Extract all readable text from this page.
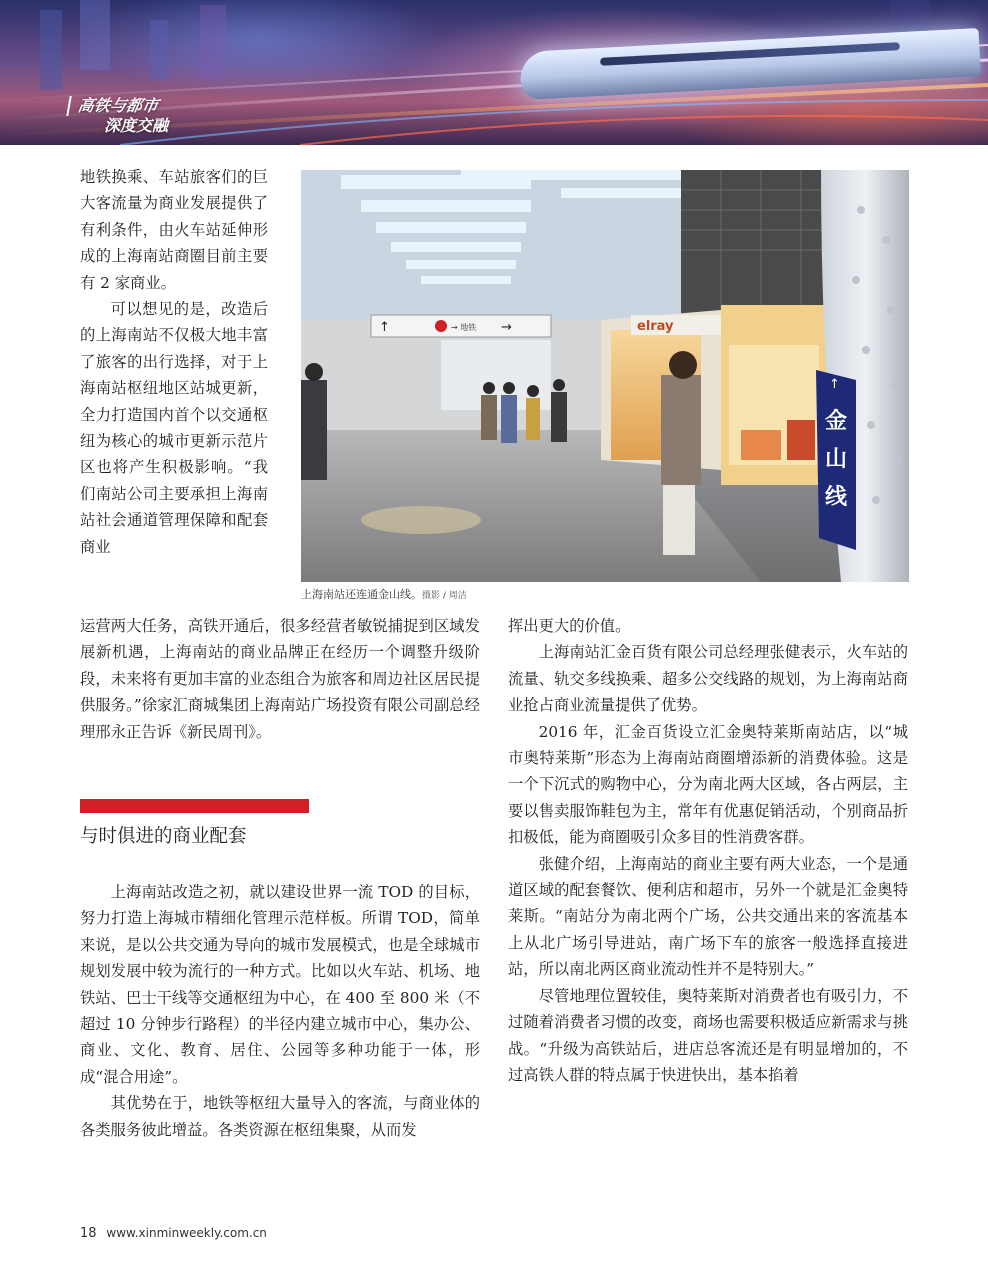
高铁与都市
深度交融
↑	→
→ 地铁	elray
↑
金山线
上海南站还连通金山线。摄影 / 周洁

地铁换乘、车站旅客们的巨大客流量为商业发展提供了有利条件，由火车站延伸形成的上海南站商圈目前主要有 2 家商业。

可以想见的是，改造后的上海南站不仅极大地丰富了旅客的出行选择，对于上海南站枢纽地区站城更新，全力打造国内首个以交通枢纽为核心的城市更新示范片区也将产生积极影响。“我们南站公司主要承担上海南站社会通道管理保障和配套商业

运营两大任务，高铁开通后，很多经营者敏锐捕捉到区域发展新机遇，上海南站的商业品牌正在经历一个调整升级阶段，未来将有更加丰富的业态组合为旅客和周边社区居民提供服务。”徐家汇商城集团上海南站广场投资有限公司副总经理邢永正告诉《新民周刊》。

与时俱进的商业配套

上海南站改造之初，就以建设世界一流 TOD 的目标，努力打造上海城市精细化管理示范样板。所谓 TOD，简单来说，是以公共交通为导向的城市发展模式，也是全球城市规划发展中较为流行的一种方式。比如以火车站、机场、地铁站、巴士干线等交通枢纽为中心，在 400 至 800 米（不超过 10 分钟步行路程）的半径内建立城市中心，集办公、商业、文化、教育、居住、公园等多种功能于一体，形成“混合用途”。

其优势在于，地铁等枢纽大量导入的客流，与商业体的各类服务彼此增益。各类资源在枢纽集聚，从而发

挥出更大的价值。

上海南站汇金百货有限公司总经理张健表示，火车站的流量、轨交多线换乘、超多公交线路的规划，为上海南站商业抢占商业流量提供了优势。

2016 年，汇金百货设立汇金奥特莱斯南站店，以“城市奥特莱斯”形态为上海南站商圈增添新的消费体验。这是一个下沉式的购物中心，分为南北两大区域，各占两层，主要以售卖服饰鞋包为主，常年有优惠促销活动，个别商品折扣极低，能为商圈吸引众多目的性消费客群。

张健介绍，上海南站的商业主要有两大业态，一个是通道区域的配套餐饮、便利店和超市，另外一个就是汇金奥特莱斯。“南站分为南北两个广场，公共交通出来的客流基本上从北广场引导进站，南广场下车的旅客一般选择直接进站，所以南北两区商业流动性并不是特别大。”

尽管地理位置较佳，奥特莱斯对消费者也有吸引力，不过随着消费者习惯的改变，商场也需要积极适应新需求与挑战。“升级为高铁站后，进店总客流还是有明显增加的，不过高铁人群的特点属于快进快出，基本掐着

18 www.xinminweekly.com.cn
